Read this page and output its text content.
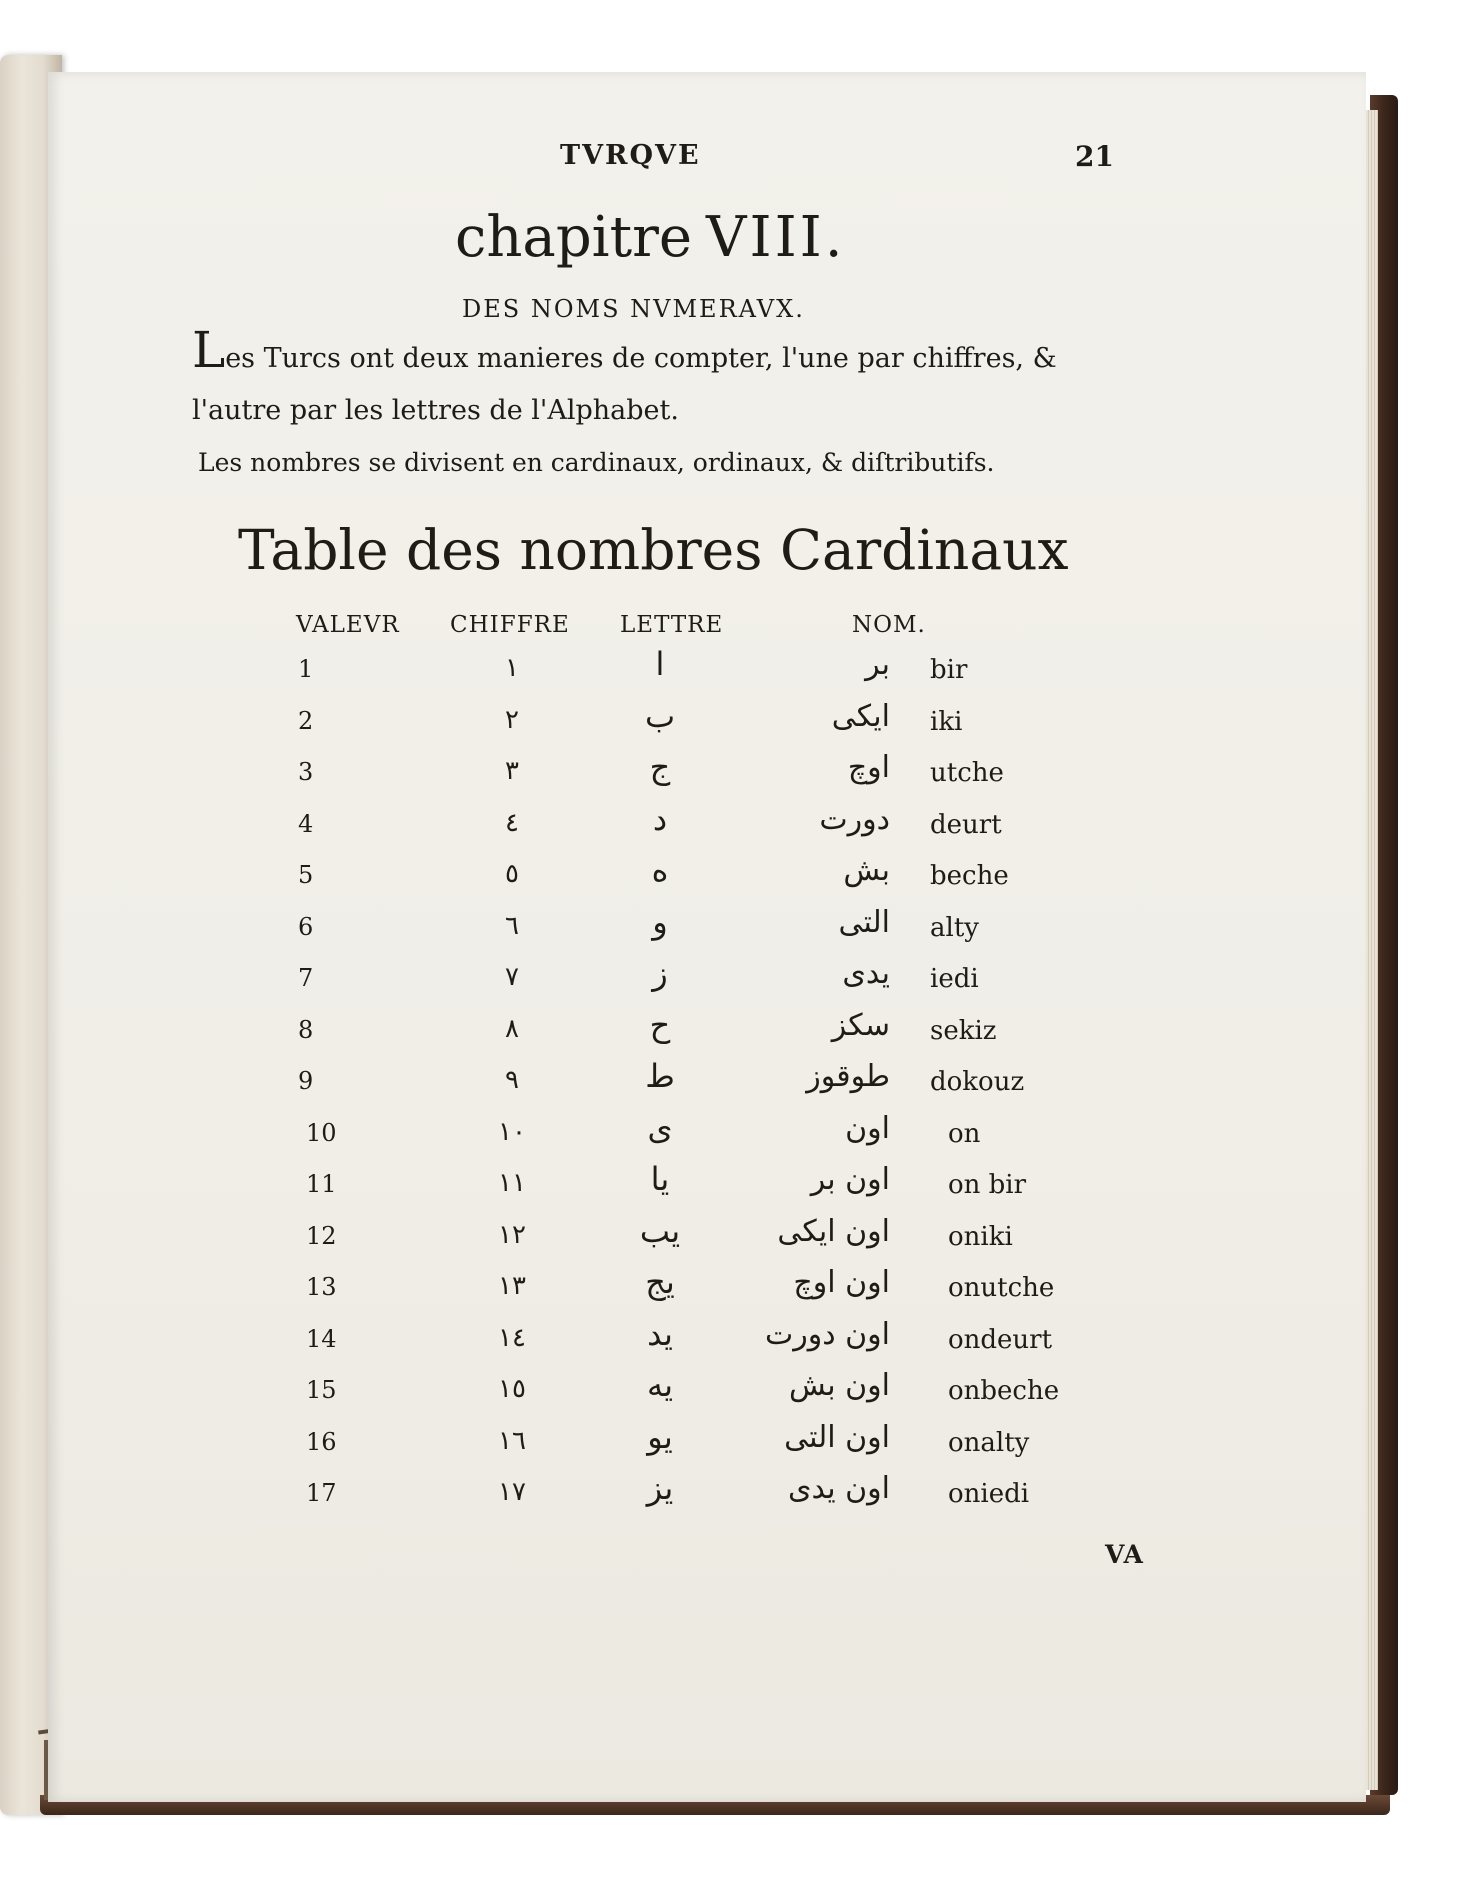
TVRQVE	21
chapitre VIII.
DES NOMS NVMERAVX.
Les Turcs ont deux manieres de compter, l'une par chiffres, &
l'autre par les lettres de l'Alphabet.
Les nombres se divisent en cardinaux, ordinaux, & diſtributifs.
Table des nombres Cardinaux
VALEVR CHIFFRE LETTRE	NOM.
1	١	ا	بر bir
2	٢	ب	ایکی iki
3	٣	ج	اوچ utche
4	٤	د	دورت deurt
5	٥	ه	بش beche
6	٦	و	التی alty
7	٧	ز	یدی iedi
8	٨	ح	سکز sekiz
9	٩	ط	طوقوز dokouz
10	١٠	ی	اون on
11	١١	یا	اون بر on bir
12	١٢	یب	اون ایکی oniki
13	١٣	یج	اون اوچ onutche
14	١٤	ید	اون دورت ondeurt
15	١٥	یه	اون بش onbeche
16	١٦	یو	اون التی onalty
17	١٧	یز	اون یدی oniedi
VA
